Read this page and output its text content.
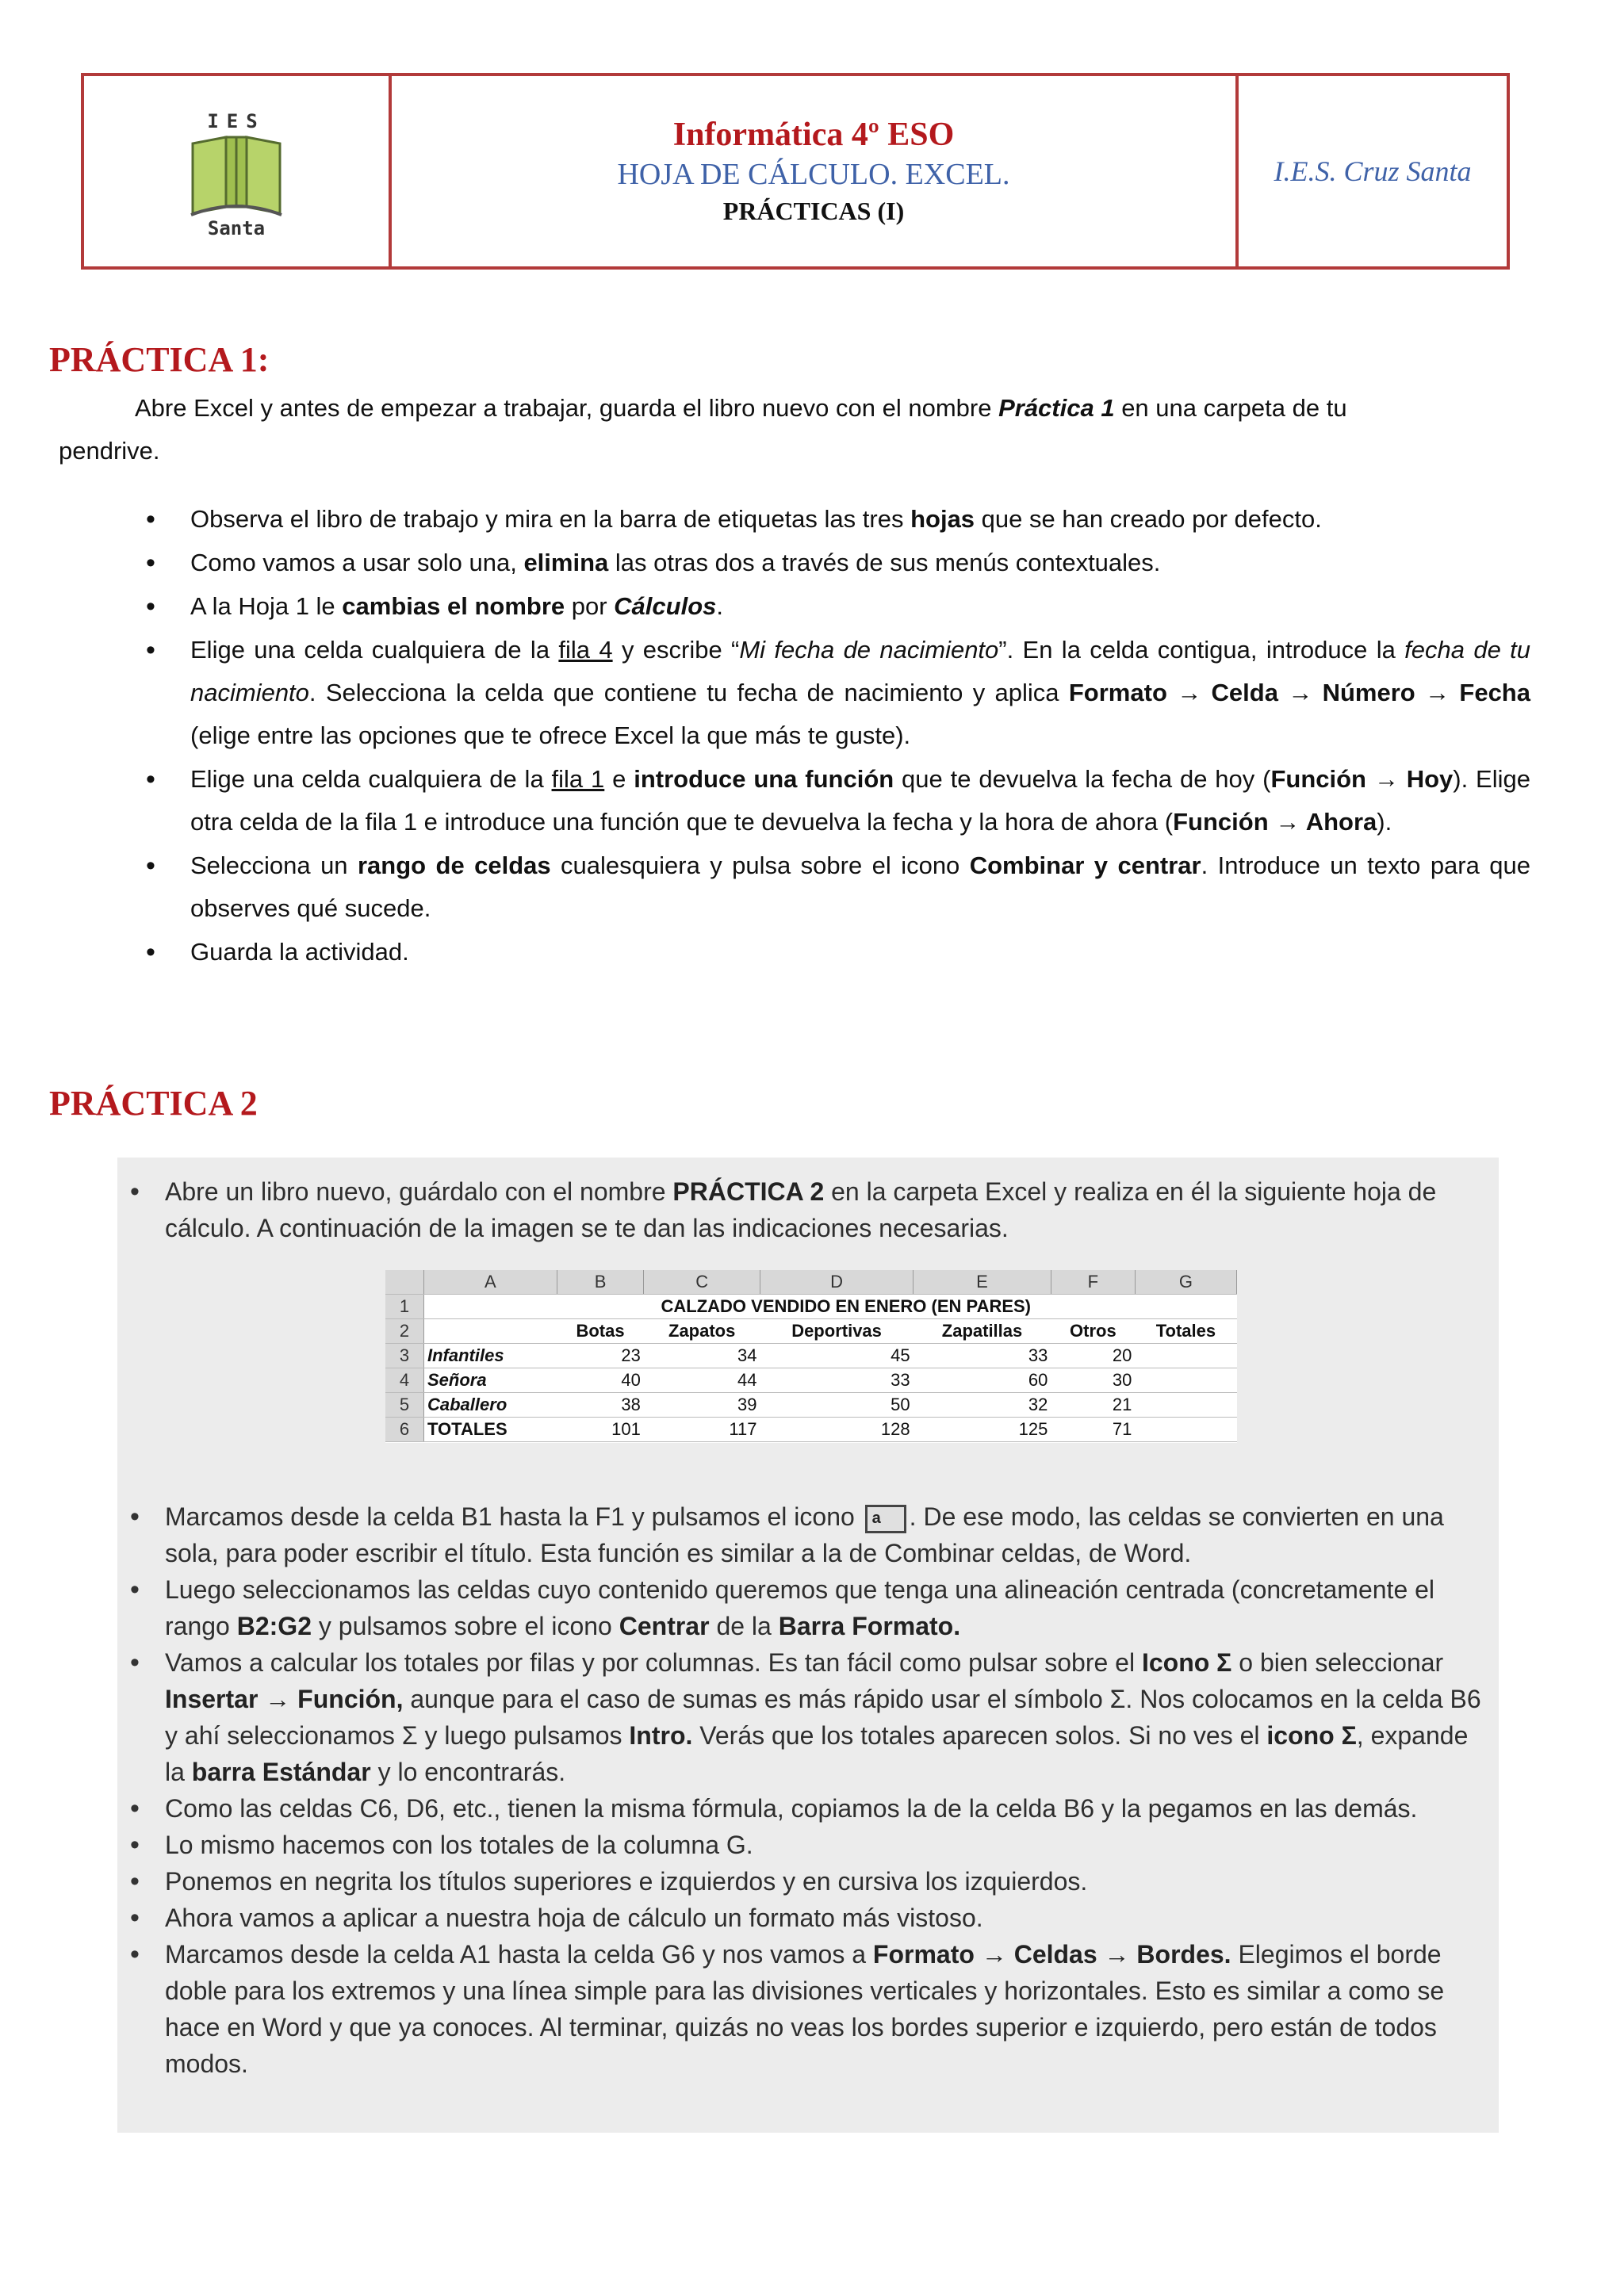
IES
Santa
Informática 4º ESO
HOJA DE CÁLCULO. EXCEL.
PRÁCTICAS (I)
I.E.S. Cruz Santa
PRÁCTICA 1:
Abre Excel y antes de empezar a trabajar, guarda el libro nuevo con el nombre Práctica 1 en una carpeta de tu
pendrive.
• Observa el libro de trabajo y mira en la barra de etiquetas las tres hojas que se han creado por defecto.
• Como vamos a usar solo una, elimina las otras dos a través de sus menús contextuales.
• A la Hoja 1 le cambias el nombre por Cálculos.
• Elige una celda cualquiera de la fila 4 y escribe “Mi fecha de nacimiento”. En la celda contigua, introduce la fecha de tu nacimiento. Selecciona la celda que contiene tu fecha de nacimiento y aplica Formato → Celda → Número → Fecha (elige entre las opciones que te ofrece Excel la que más te guste).
• Elige una celda cualquiera de la fila 1 e introduce una función que te devuelva la fecha de hoy (Función → Hoy). Elige otra celda de la fila 1 e introduce una función que te devuelva la fecha y la hora de ahora (Función → Ahora).
• Selecciona un rango de celdas cualesquiera y pulsa sobre el icono Combinar y centrar. Introduce un texto para que observes qué sucede.
• Guarda la actividad.
PRÁCTICA 2
• Abre un libro nuevo, guárdalo con el nombre PRÁCTICA 2 en la carpeta Excel y realiza en él la siguiente hoja de cálculo. A continuación de la imagen se te dan las indicaciones necesarias.
	A	B	C	D	E	F	G
1		CALZADO VENDIDO EN ENERO (EN PARES)					
2		Botas	Zapatos	Deportivas	Zapatillas	Otros	Totales
3	Infantiles	23	34	45	33	20	
4	Señora	40	44	33	60	30	
5	Caballero	38	39	50	32	21	
6	TOTALES	101	117	128	125	71	
• Marcamos desde la celda B1 hasta la F1 y pulsamos el icono a . De ese modo, las celdas se convierten en una sola, para poder escribir el título. Esta función es similar a la de Combinar celdas, de Word.
• Luego seleccionamos las celdas cuyo contenido queremos que tenga una alineación centrada (concretamente el rango B2:G2 y pulsamos sobre el icono Centrar de la Barra Formato.
• Vamos a calcular los totales por filas y por columnas. Es tan fácil como pulsar sobre el Icono Σ o bien seleccionar Insertar → Función, aunque para el caso de sumas es más rápido usar el símbolo Σ. Nos colocamos en la celda B6 y ahí seleccionamos Σ y luego pulsamos Intro. Verás que los totales aparecen solos. Si no ves el icono Σ, expande la barra Estándar y lo encontrarás.
• Como las celdas C6, D6, etc., tienen la misma fórmula, copiamos la de la celda B6 y la pegamos en las demás.
• Lo mismo hacemos con los totales de la columna G.
• Ponemos en negrita los títulos superiores e izquierdos y en cursiva los izquierdos.
• Ahora vamos a aplicar a nuestra hoja de cálculo un formato más vistoso.
• Marcamos desde la celda A1 hasta la celda G6 y nos vamos a Formato → Celdas → Bordes. Elegimos el borde doble para los extremos y una línea simple para las divisiones verticales y horizontales. Esto es similar a como se hace en Word y que ya conoces. Al terminar, quizás no veas los bordes superior e izquierdo, pero están de todos modos.
